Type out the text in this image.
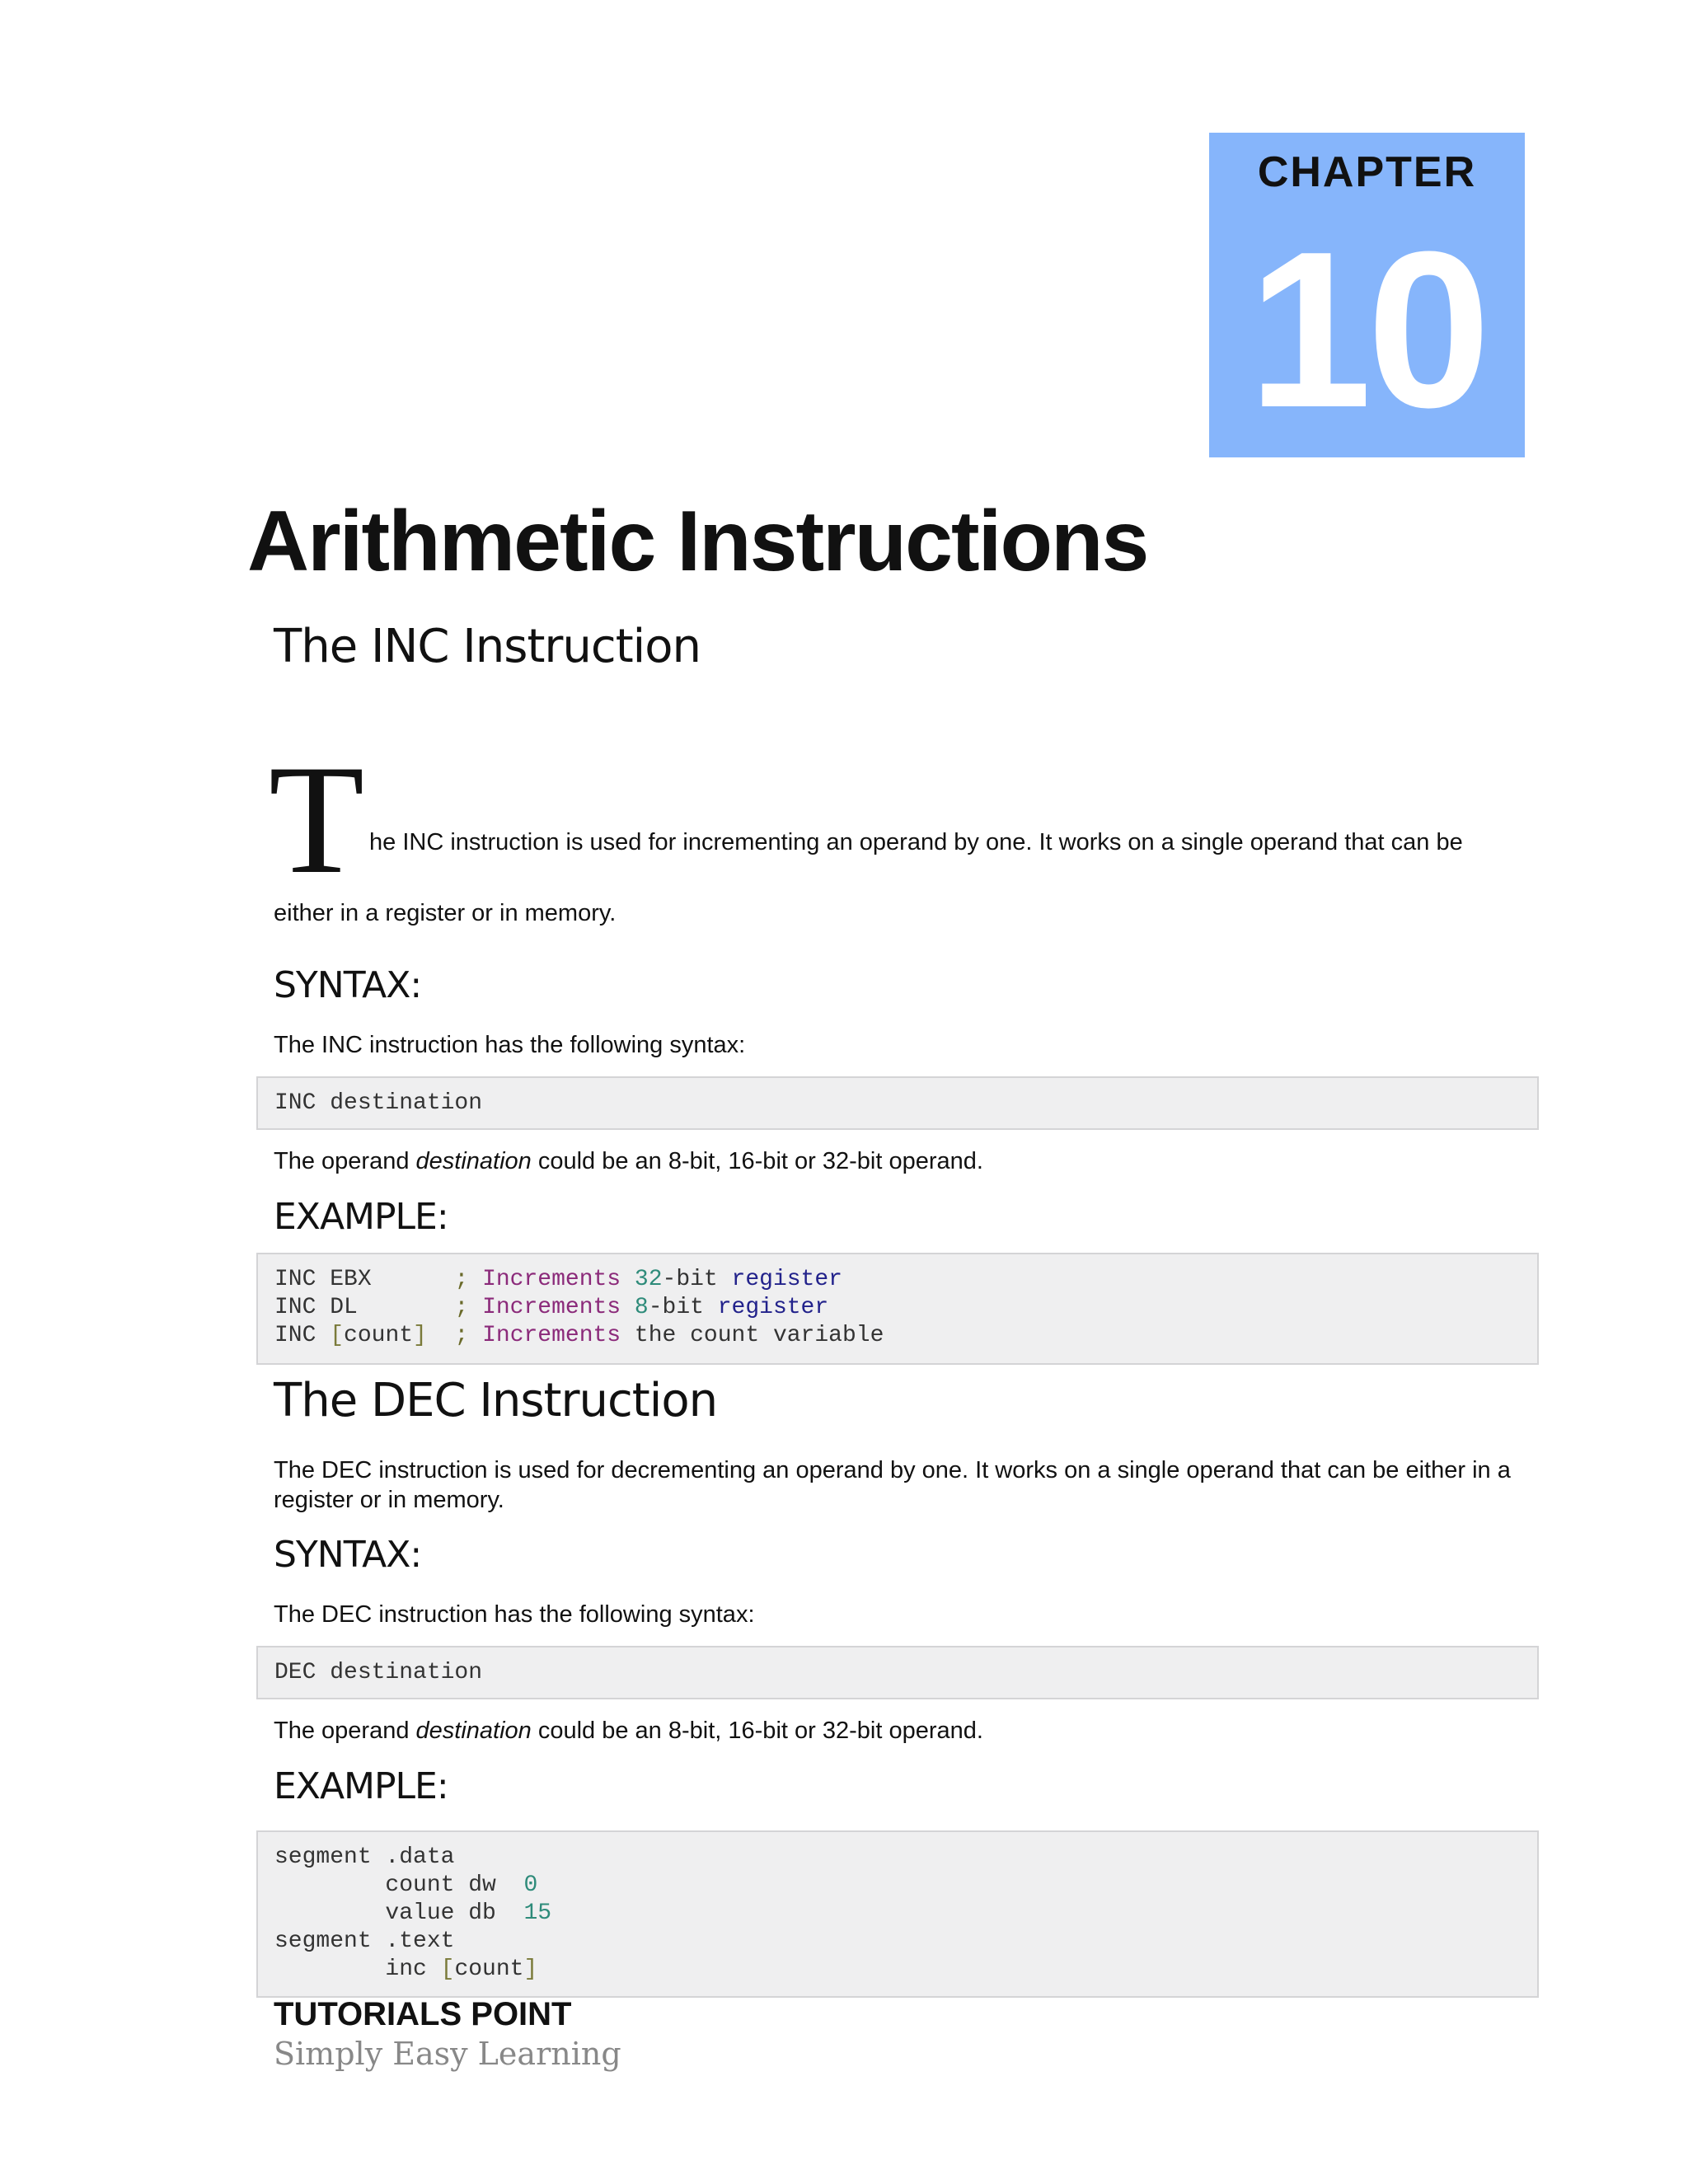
CHAPTER
10
Arithmetic Instructions
The INC Instruction
T he INC instruction is used for incrementing an operand by one. It works on a single operand that can be

either in a register or in memory.

SYNTAX:

The INC instruction has the following syntax:

INC destination

The operand destination could be an 8-bit, 16-bit or 32-bit operand.

EXAMPLE:
INC EBX	; Increments 32-bit register
INC DL	; Increments 8-bit register
INC [count] ; Increments the count variable
The DEC Instruction

The DEC instruction is used for decrementing an operand by one. It works on a single operand that can be either in a register or in memory.

SYNTAX:

The DEC instruction has the following syntax:

DEC destination

The operand destination could be an 8-bit, 16-bit or 32-bit operand.

EXAMPLE:
segment .data
count dw  0
value db  15
segment .text
inc [count]
TUTORIALS POINT
Simply Easy Learning
